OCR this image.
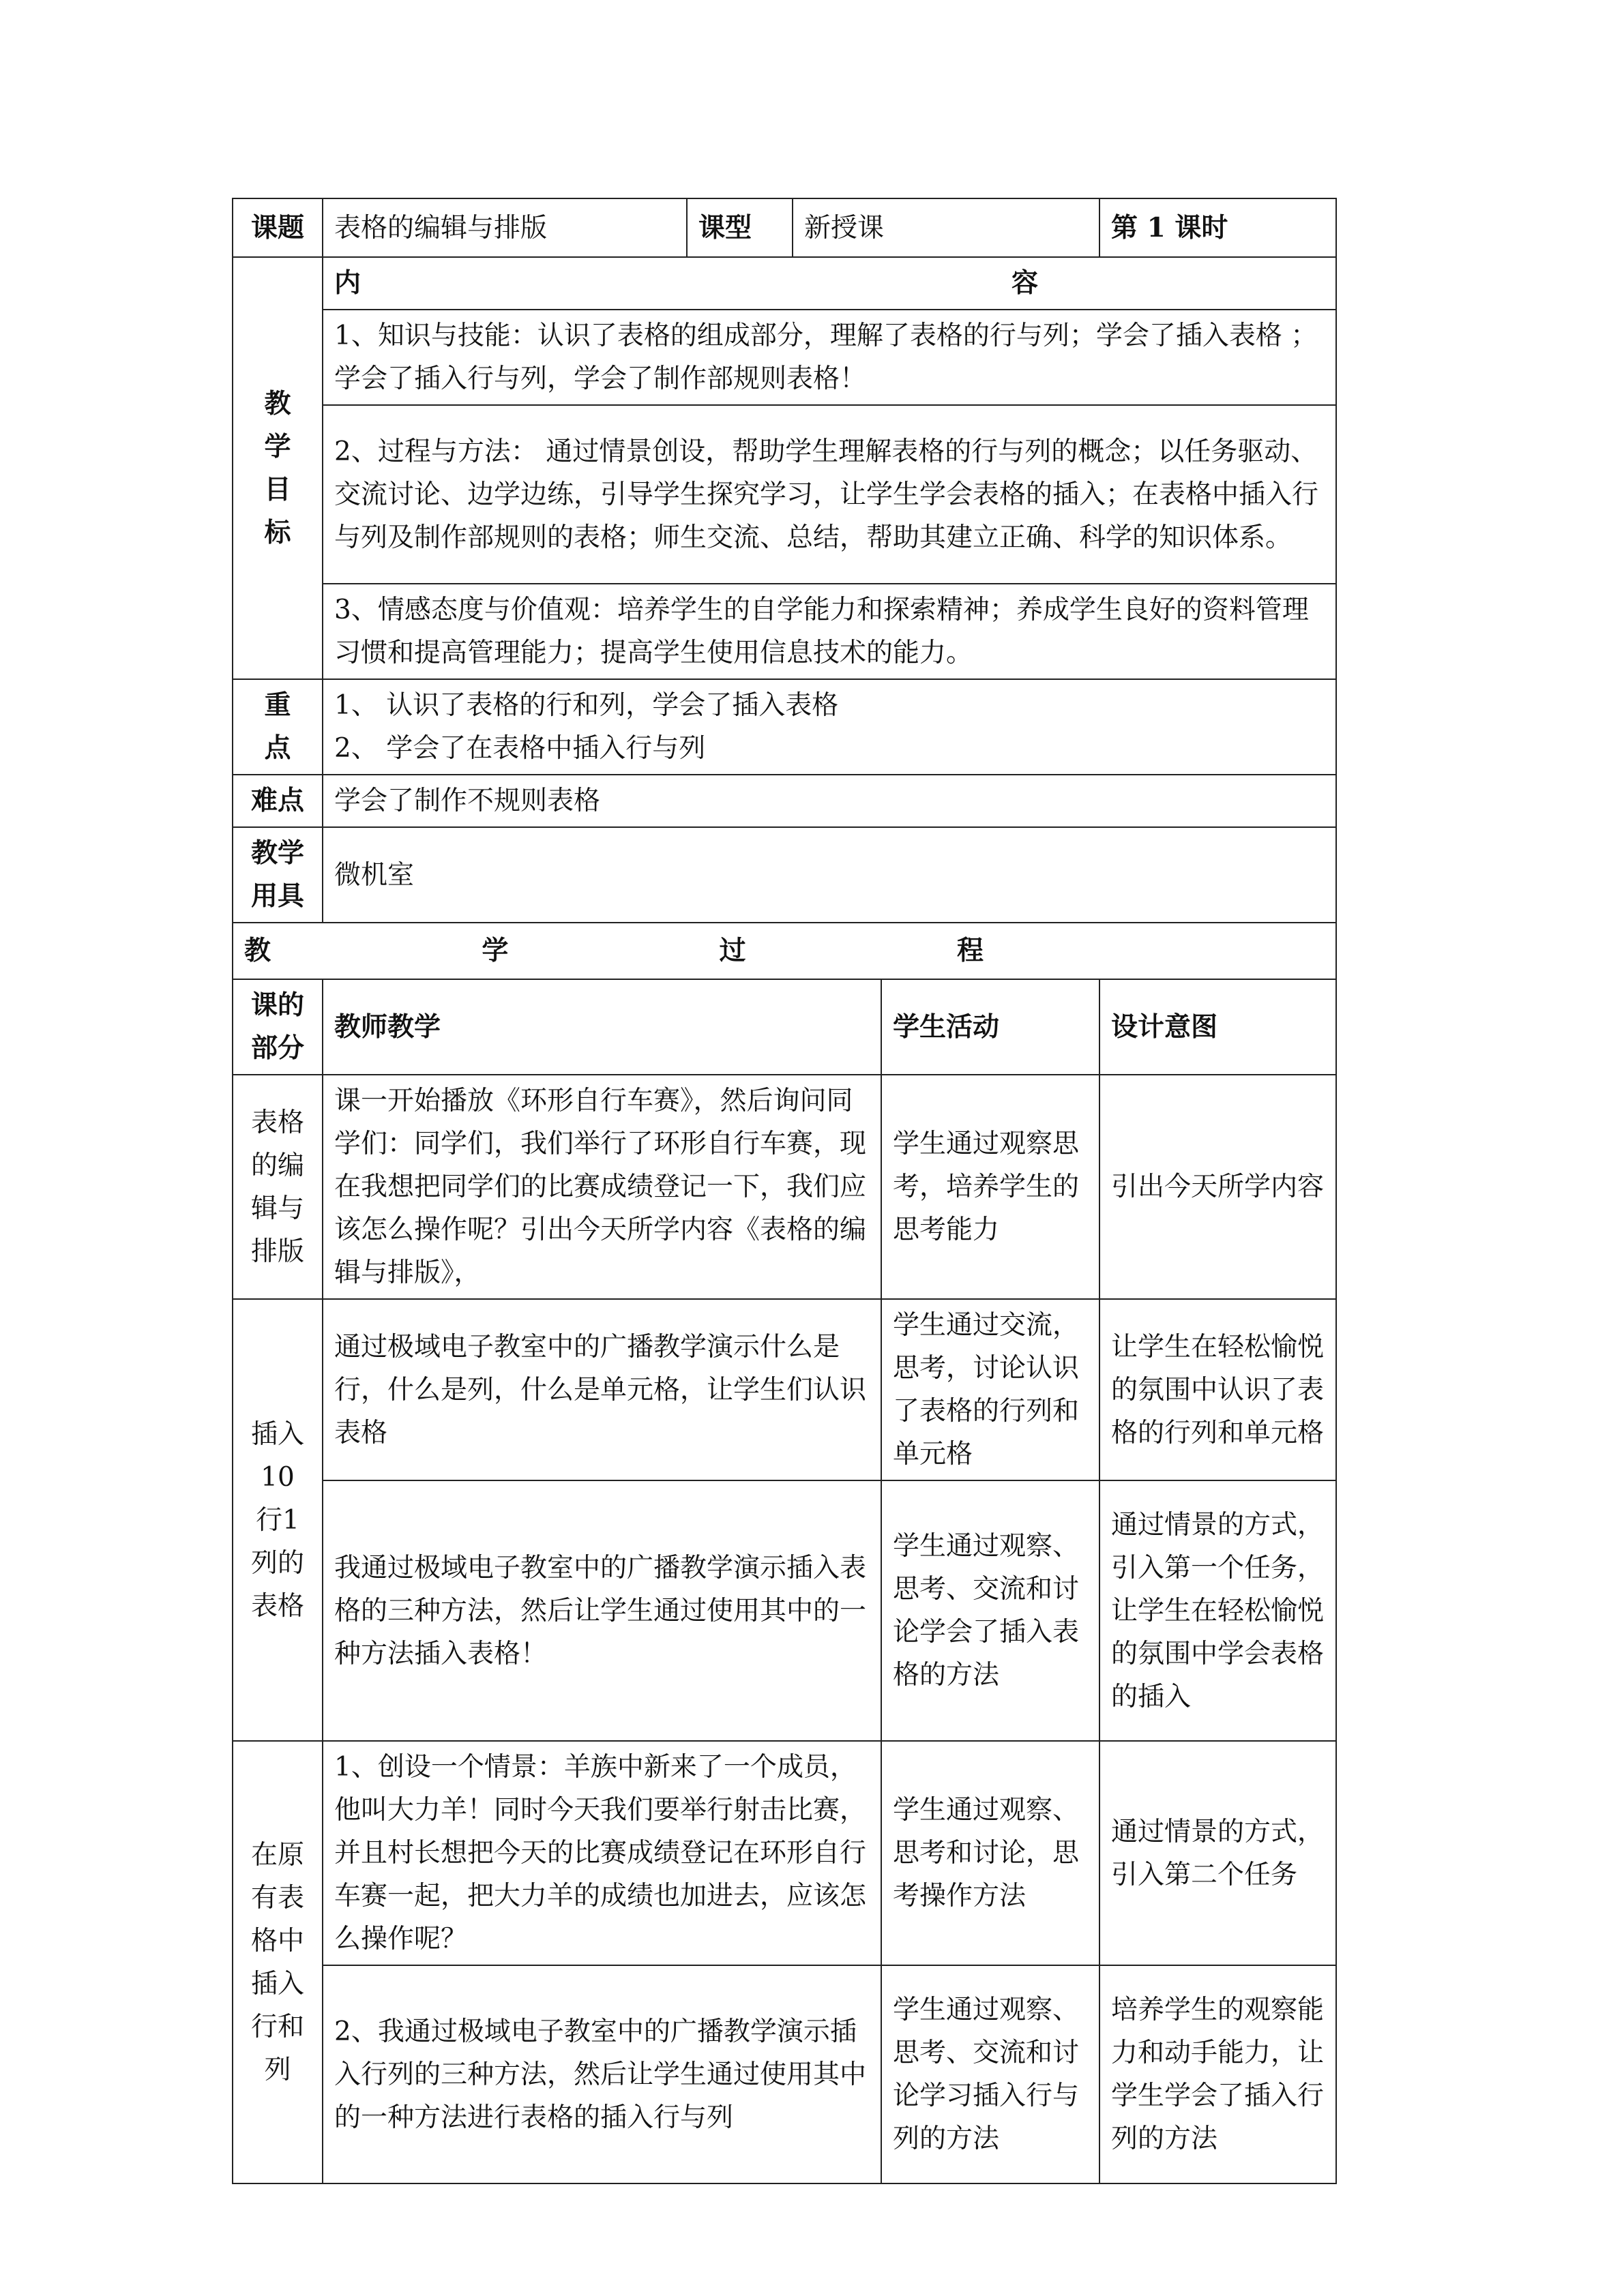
课题	表格的编辑与排版	课型	新授课		第 1 课时

教学目标	内 容				

	1、知识与技能：认识了表格的组成部分，理解了表格的行与列；学会了插入表格 ；学会了插入行与列，学会了制作部规则表格！				
	2、过程与方法： 通过情景创设，帮助学生理解表格的行与列的概念；以任务驱动、交流讨论、边学边练，引导学生探究学习，让学生学会表格的插入；在表格中插入行与列及制作部规则的表格；师生交流、总结，帮助其建立正确、科学的知识体系。				
	3、情感态度与价值观：培养学生的自学能力和探索精神；养成学生良好的资料管理习惯和提高管理能力；提高学生使用信息技术的能力。				

重点	1、 认识了表格的行和列，学会了插入表格
2、 学会了在表格中插入行与列				

难点	学会了制作不规则表格				

教学用具	微机室				

教 学 过 程					

课的部分	教师教学			学生活动	设计意图

表格的编辑与排版	课一开始播放《环形自行车赛》，然后询问同学们：同学们，我们举行了环形自行车赛，现在我想把同学们的比赛成绩登记一下，我们应该怎么操作呢？引出今天所学内容《表格的编辑与排版》，			学生通过观察思考，培养学生的思考能力	引出今天所学内容

插入10行1列的表格	通过极域电子教室中的广播教学演示什么是行，什么是列，什么是单元格，让学生们认识表格			学生通过交流，思考，讨论认识了表格的行列和单元格	让学生在轻松愉悦的氛围中认识了表格的行列和单元格
	我通过极域电子教室中的广播教学演示插入表格的三种方法，然后让学生通过使用其中的一种方法插入表格！			学生通过观察、思考、交流和讨论学会了插入表格的方法	通过情景的方式，引入第一个任务，让学生在轻松愉悦的氛围中学会表格的插入

在原有表格中插入行和列	1、创设一个情景：羊族中新来了一个成员，他叫大力羊！同时今天我们要举行射击比赛，并且村长想把今天的比赛成绩登记在环形自行车赛一起，把大力羊的成绩也加进去，应该怎么操作呢？			学生通过观察、思考和讨论，思考操作方法	通过情景的方式，引入第二个任务
	2、我通过极域电子教室中的广播教学演示插入行列的三种方法，然后让学生通过使用其中的一种方法进行表格的插入行与列			学生通过观察、思考、交流和讨论学习插入行与列的方法	培养学生的观察能力和动手能力，让学生学会了插入行列的方法
